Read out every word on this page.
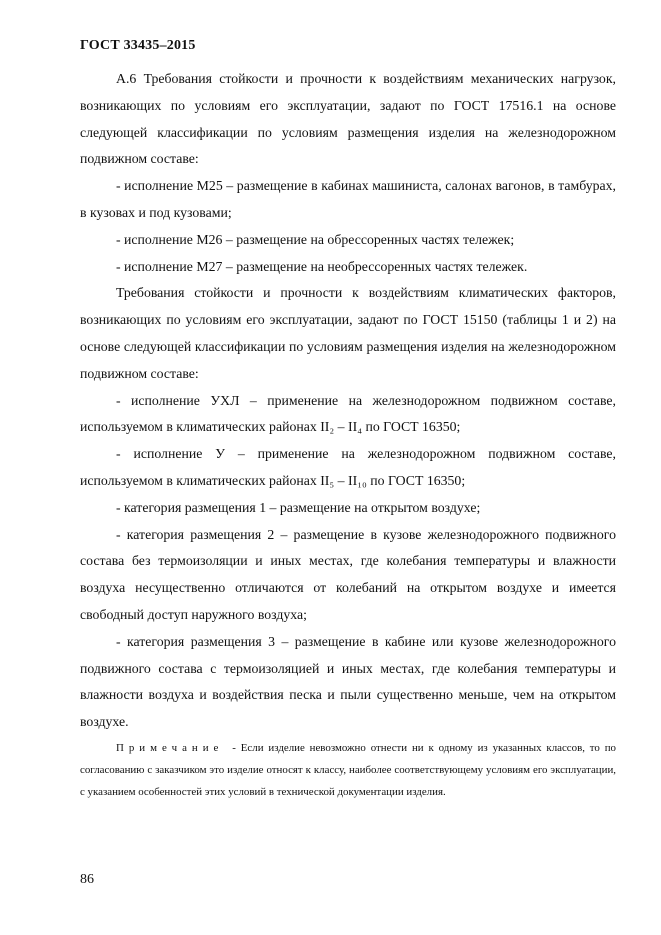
ГОСТ 33435–2015

А.6 Требования стойкости и прочности к воздействиям механических нагрузок, возникающих по условиям его эксплуатации, задают по ГОСТ 17516.1 на основе следующей классификации по условиям размещения изделия на железнодорожном подвижном составе:

- исполнение М25 – размещение в кабинах машиниста, салонах вагонов, в тамбурах, в кузовах и под кузовами;

- исполнение М26 – размещение на обрессоренных частях тележек;

- исполнение М27 – размещение на необрессоренных частях тележек.

Требования стойкости и прочности к воздействиям климатических факторов, возникающих по условиям его эксплуатации, задают по ГОСТ 15150 (таблицы 1 и 2) на основе следующей классификации по условиям размещения изделия на железнодорожном подвижном составе:

- исполнение УХЛ – применение на железнодорожном подвижном составе, используемом в климатических районах II₂ – II₄ по ГОСТ 16350;

- исполнение У – применение на железнодорожном подвижном составе, используемом в климатических районах II₅ – II₁₀ по ГОСТ 16350;

- категория размещения 1 – размещение на открытом воздухе;

- категория размещения 2 – размещение в кузове железнодорожного подвижного состава без термоизоляции и иных местах, где колебания температуры и влажности воздуха несущественно отличаются от колебаний на открытом воздухе и имеется свободный доступ наружного воздуха;

- категория размещения 3 – размещение в кабине или кузове железнодорожного подвижного состава с термоизоляцией и иных местах, где колебания температуры и влажности воздуха и воздействия песка и пыли существенно меньше, чем на открытом воздухе.

Примечание - Если изделие невозможно отнести ни к одному из указанных классов, то по согласованию с заказчиком это изделие относят к классу, наиболее соответствующему условиям его эксплуатации, с указанием особенностей этих условий в технической документации изделия.

86
